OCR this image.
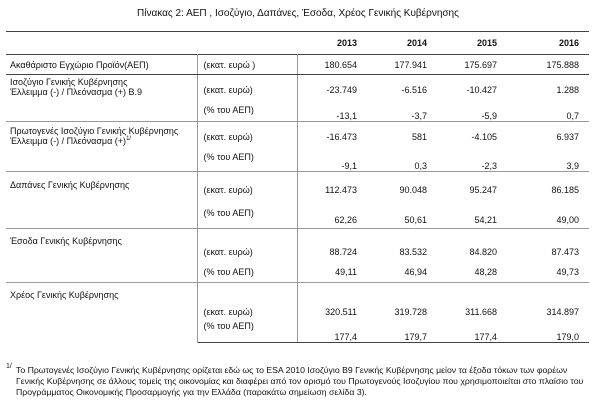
Πίνακας 2: ΑΕΠ , Ισοζύγιο, Δαπάνες, Έσοδα, Χρέος Γενικής Κυβέρνησης
		2013	2014	2015	2016
Ακαθάριστο Εγχώριο Προϊόν(ΑΕΠ)	(εκατ. ευρώ )	180.654	177.941	175.697	175.888

Ισοζύγιο Γενικής Κυβέρνησης
Έλλειμμα (-) / Πλεόνασμα (+) Β.9	(εκατ. ευρώ)	-23.749	-6.516	-10.427	1.288
	(% του ΑΕΠ)	-13,1	-3,7	-5,9	0,7

Πρωτογενές Ισοζύγιο Γενικής Κυβέρνησης
Έλλειμμα (-) / Πλεόνασμα $(+)^{1/}$	(εκατ. ευρώ)	-16.473	581	-4.105	6.937
	(% του ΑΕΠ)	-9,1	0,3	-2,3	3,9
Δαπάνες Γενικής Κυβέρνησης	(εκατ. ευρώ)	112.473	90.048	95.247	86.185
	(% του ΑΕΠ)	62,26	50,61	54,21	49,00
Έσοδα Γενικής Κυβέρνησης	(εκατ. ευρώ)	88.724	83.532	84.820	87.473
	(% του ΑΕΠ)	49,11	46,94	48,28	49,73
Χρέος Γενικής Κυβέρνησης	(εκατ. ευρώ)	320.511	319.728	311.668	314.897
	(% του ΑΕΠ)	177,4	179,7	177,4	179,0
1/ Το Πρωτογενές Ισοζύγιο Γενικής Κυβέρνησης ορίζεται εδώ ως το ESA 2010 Ισοζύγιο Β9 Γενικής Κυβέρνησης μείον τα έξοδα τόκων των φορέων Γενικής Κυβέρνησης σε άλλους τομείς της οικονομίας και διαφέρει από τον ορισμό του Πρωτογενούς Ισοζυγίου που χρησιμοποιείται στο πλαίσιο του Προγράμματος Οικονομικής Προσαρμογής για την Ελλάδα (παρακάτω σημείωση σελίδα 3).
